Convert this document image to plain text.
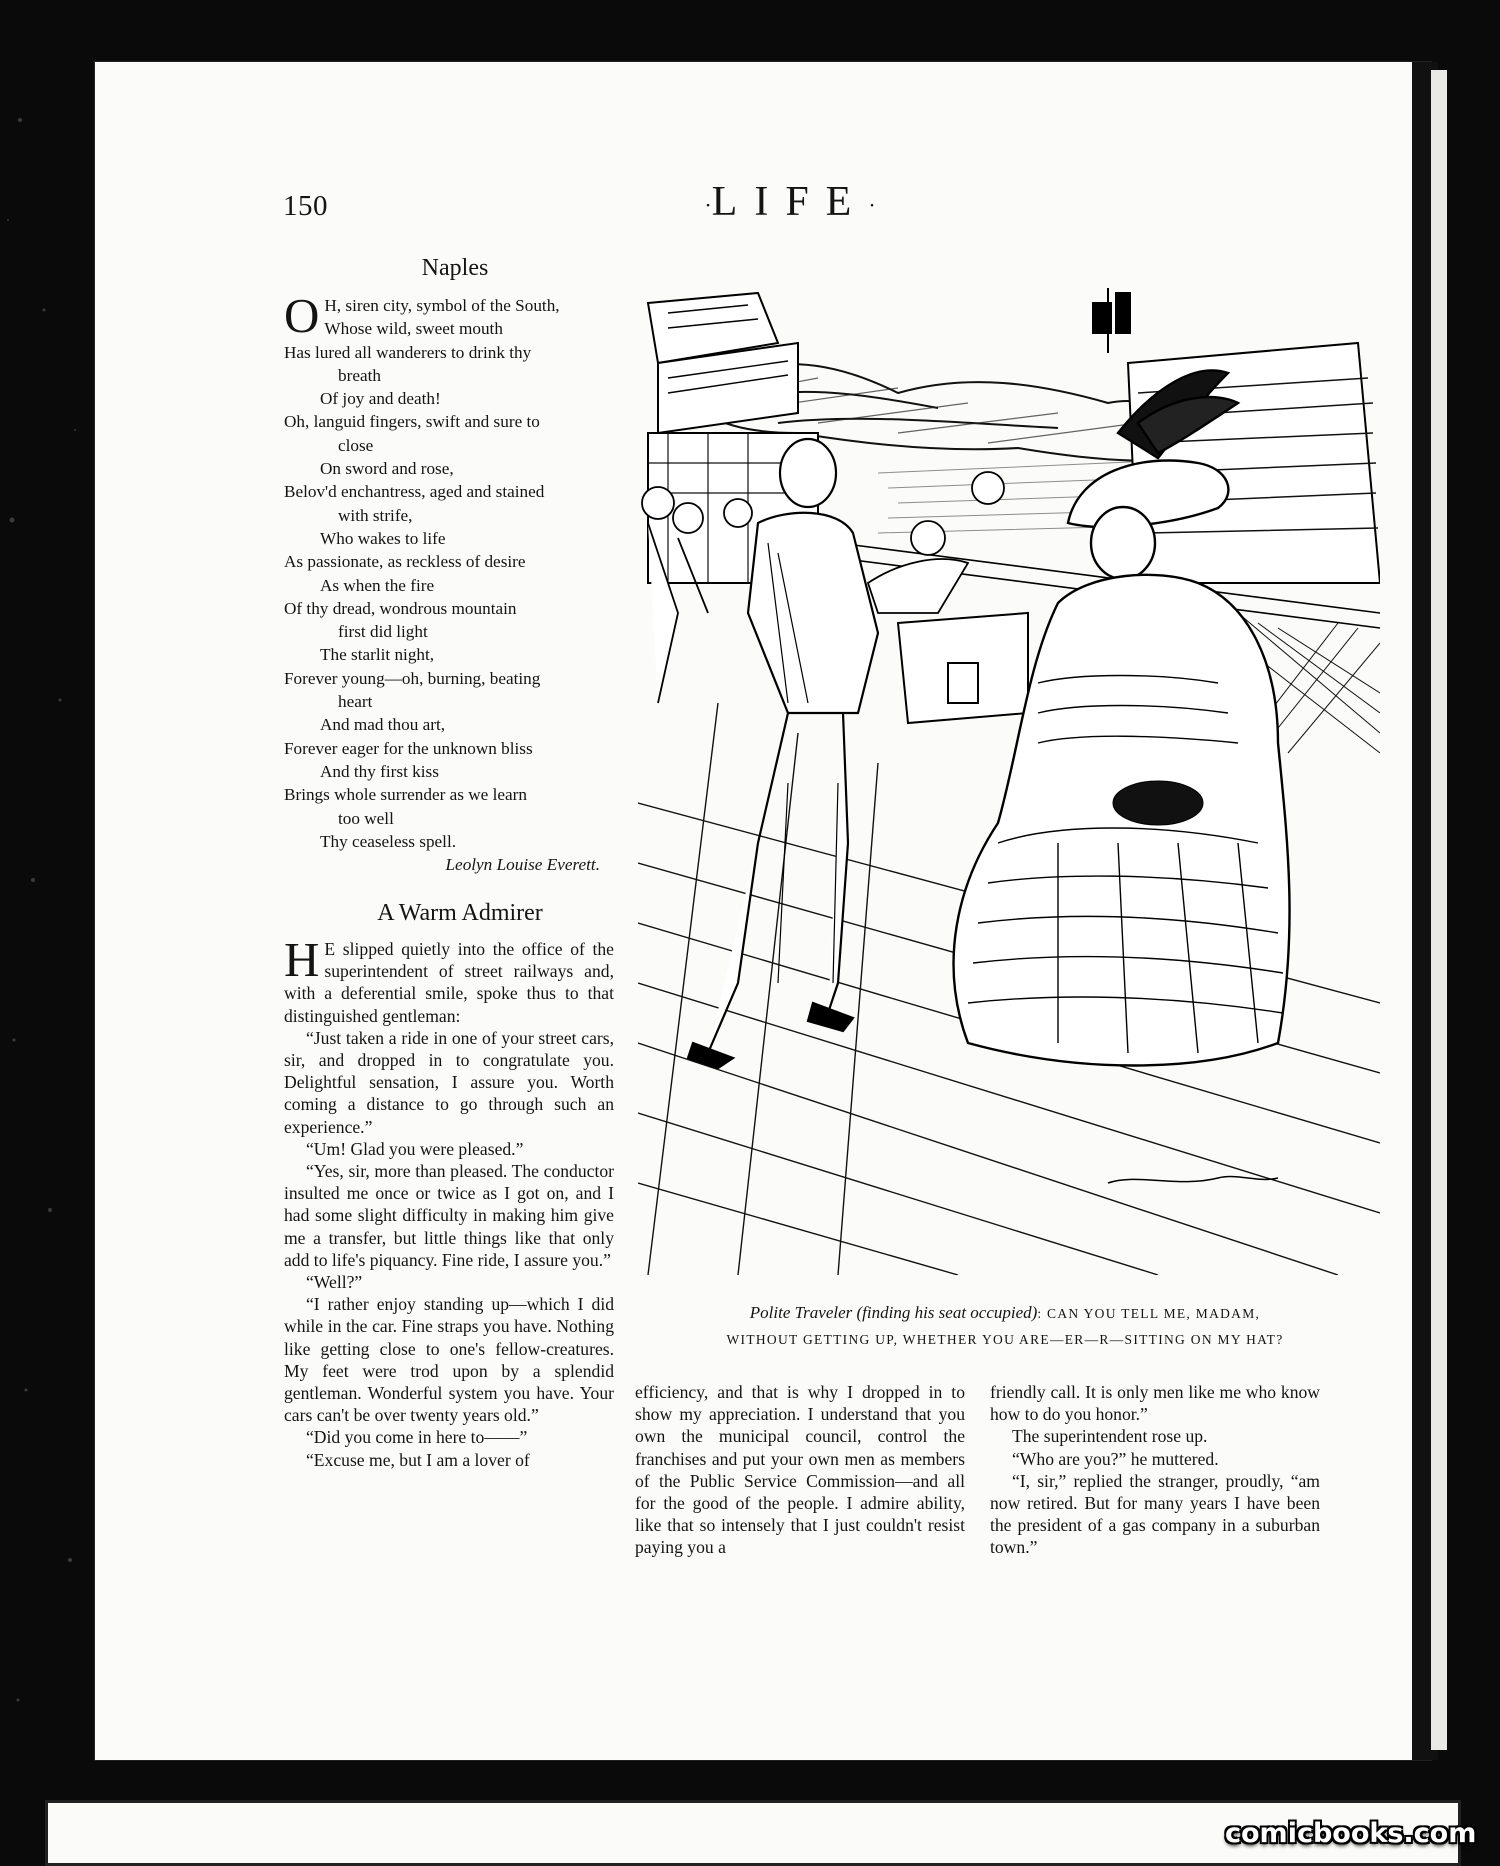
150	·LIFE·
Naples
O H, siren city, symbol of the South,
Whose wild, sweet mouth
Has lured all wanderers to drink thy
breath
Of joy and death!
Oh, languid fingers, swift and sure to
close
On sword and rose,
Belov'd enchantress, aged and stained
with strife,
Who wakes to life
As passionate, as reckless of desire
As when the fire
Of thy dread, wondrous mountain
first did light
The starlit night,
Forever young—oh, burning, beating
heart
And mad thou art,
Forever eager for the unknown bliss
And thy first kiss
Brings whole surrender as we learn
too well
Thy ceaseless spell.
Leolyn Louise Everett.
A Warm Admirer

H E slipped quietly into the office of the superintendent of street railways and, with a deferential smile, spoke thus to that distinguished gentleman:

“Just taken a ride in one of your street cars, sir, and dropped in to congratulate you. Delightful sensation, I assure you. Worth coming a distance to go through such an experience.”

“Um! Glad you were pleased.”

“Yes, sir, more than pleased. The conductor insulted me once or twice as I got on, and I had some slight difficulty in making him give me a transfer, but little things like that only add to life's piquancy. Fine ride, I assure you.”

“Well?”

“I rather enjoy standing up—which I did while in the car. Fine straps you have. Nothing like getting close to one's fellow-creatures. My feet were trod upon by a splendid gentleman. Wonderful system you have. Your cars can't be over twenty years old.”

“Did you come in here to——”

“Excuse me, but I am a lover of

efficiency, and that is why I dropped in to show my appreciation. I understand that you own the municipal council, control the franchises and put your own men as members of the Public Service Commission—and all for the good of the people. I admire ability, like that so intensely that I just couldn't resist paying you a

friendly call. It is only men like me who know how to do you honor.”

The superintendent rose up.

“Who are you?” he muttered.

“I, sir,” replied the stranger, proudly, “am now retired. But for many years I have been the president of a gas company in a suburban town.”

Polite Traveler (finding his seat occupied): CAN YOU TELL ME, MADAM,
WITHOUT GETTING UP, WHETHER YOU ARE—ER—R—SITTING ON MY HAT?
comicbooks.com
